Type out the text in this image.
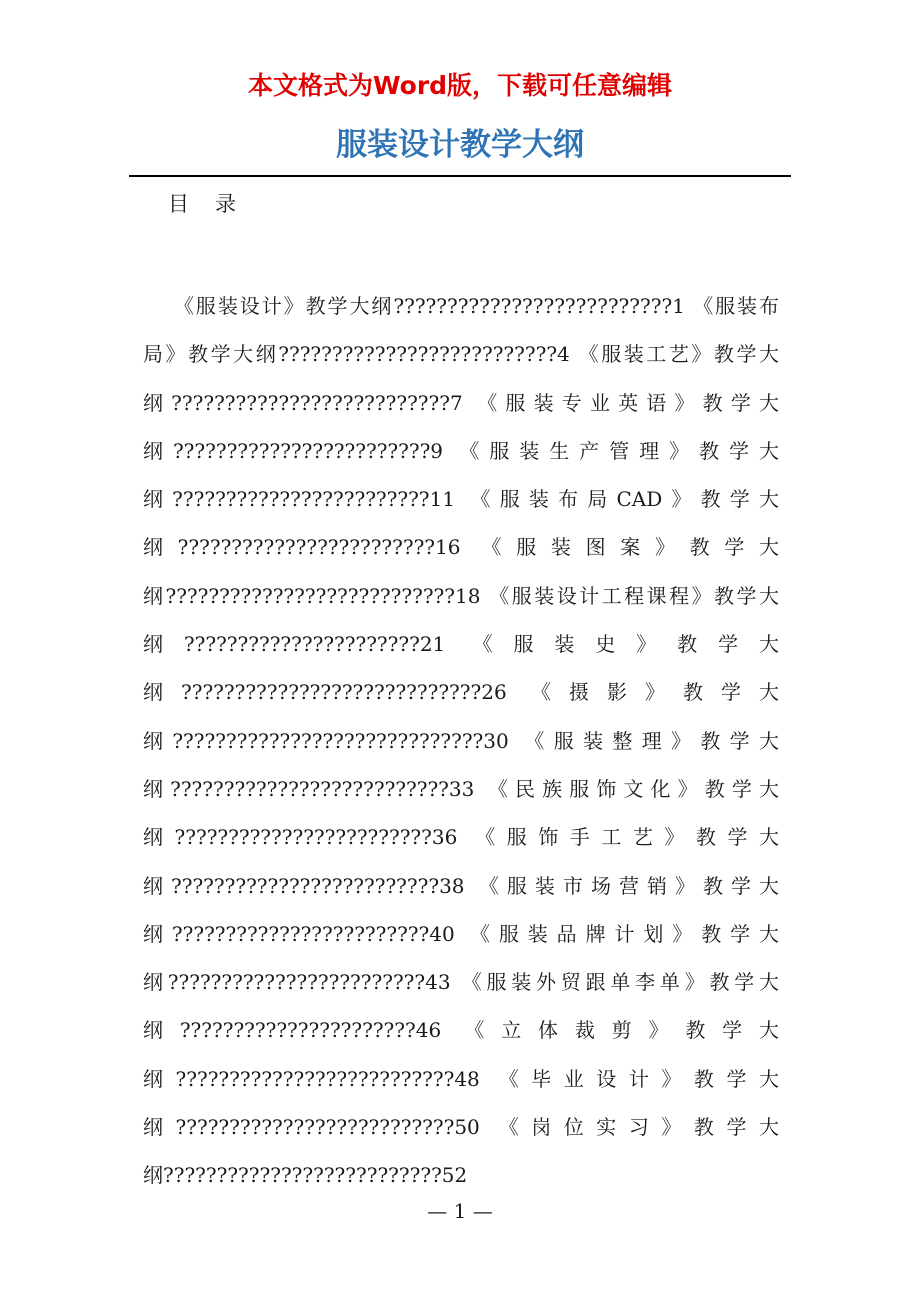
本文格式为Word版，下载可任意编辑

服装设计教学大纲

目录

《服装设计》教学大纲??????????????????????????1 《服装布局》教学大纲??????????????????????????4 《服装工艺》教学大纲??????????????????????????7 《服装专业英语》教学大纲????????????????????????9 《服装生产管理》教学大纲????????????????????????11 《服装布局CAD》教学大纲????????????????????????16 《服装图案》教学大纲???????????????????????????18 《服装设计工程课程》教学大纲??????????????????????21 《服装史》教学大纲????????????????????????????26 《摄影》教学大纲?????????????????????????????30 《服装整理》教学大纲??????????????????????????33 《民族服饰文化》教学大纲????????????????????????36 《服饰手工艺》教学大纲?????????????????????????38 《服装市场营销》教学大纲????????????????????????40 《服装品牌计划》教学大纲????????????????????????43 《服装外贸跟单李单》教学大纲??????????????????????46 《立体裁剪》教学大纲??????????????????????????48 《毕业设计》教学大纲??????????????????????????50 《岗位实习》教学大纲??????????????????????????52

— 1 —
